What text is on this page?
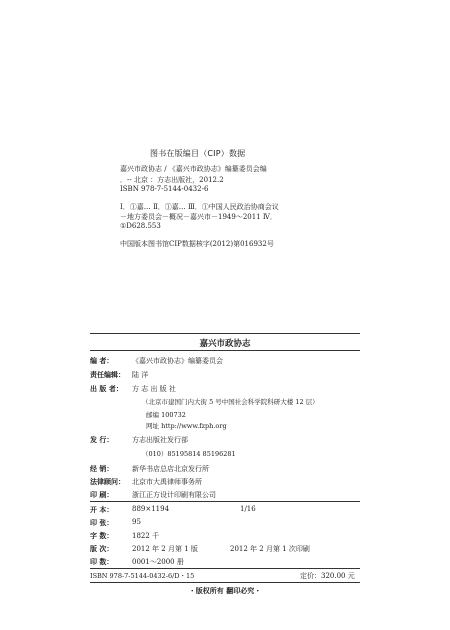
图书在版编目（CIP）数据
嘉兴市政协志 / 《嘉兴市政协志》编纂委员会编
．-- 北京 ：方志出版社，2012.2
ISBN 978-7-5144-0432-6
Ⅰ．①嘉… Ⅱ．①嘉… Ⅲ．①中国人民政治协商会议
－地方委员会－概况－嘉兴市－1949～2011 Ⅳ．
①D628.553
中国版本图书馆CIP数据核字(2012)第016932号
嘉兴市政协志
编 者：	《嘉兴市政协志》编纂委员会
责任编辑： 陆 洋
出 版 者： 方 志 出 版 社
（北京市建国门内大街 5 号中国社会科学院科研大楼 12 层）
邮编 100732
网址 http://www.fzph.org
发 行：	方志出版社发行部
（010）85195814 85196281
经 销：	新华书店总店北京发行所
法律顾问： 北京市大禹律师事务所
印 刷：	浙江正方设计印刷有限公司
开 本：	889×1194	1/16
印 张：	95
字 数：	1822 千
版 次：	2012 年 2 月第 1 版	2012 年 2 月第 1 次印刷
印 数：	0001～2000 册
ISBN 978-7-5144-0432-6/D・15	定价：320.00 元
・版权所有 翻印必究・
